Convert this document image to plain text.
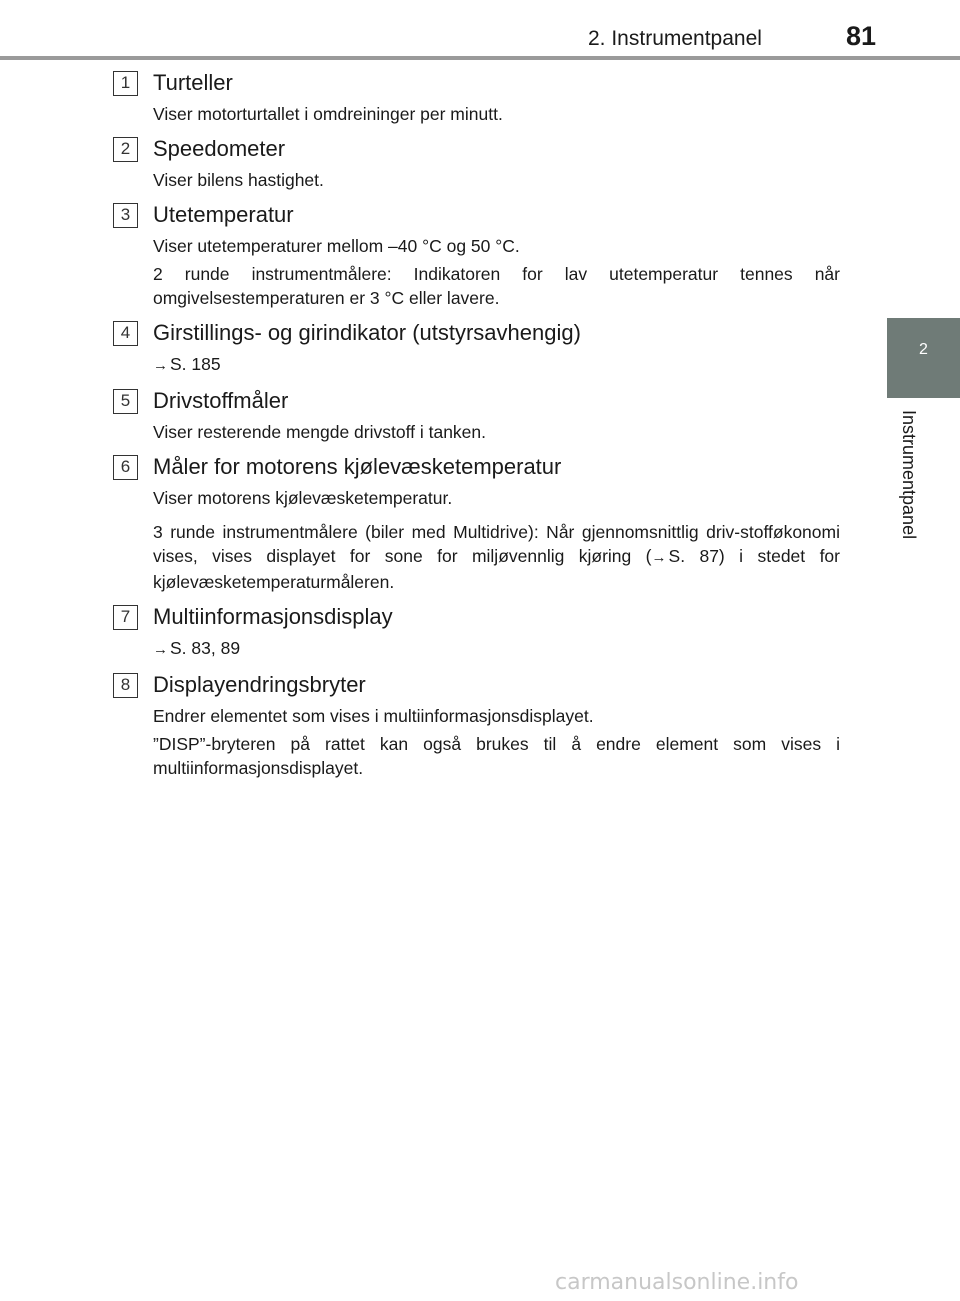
2. Instrumentpanel	81
2
Instrumentpanel
1	Turteller

Viser motorturtallet i omdreininger per minutt.

2	Speedometer

Viser bilens hastighet.

3	Utetemperatur

Viser utetemperaturer mellom –40 °C og 50 °C.

2 runde instrumentmålere: Indikatoren for lav utetemperatur tennes når omgivelsestemperaturen er 3 °C eller lavere.

4	Girstillings- og girindikator (utstyrsavhengig)

→ S. 185

5	Drivstoffmåler

Viser resterende mengde drivstoff i tanken.

6	Måler for motorens kjølevæsketemperatur

Viser motorens kjølevæsketemperatur.

3 runde instrumentmålere (biler med Multidrive): Når gjennomsnittlig driv-stofføkonomi vises, vises displayet for sone for miljøvennlig kjøring (→ S. 87) i stedet for kjølevæsketemperaturmåleren.

7	Multiinformasjonsdisplay

→ S. 83, 89

8	Displayendringsbryter

Endrer elementet som vises i multiinformasjonsdisplayet.

”DISP”-bryteren på rattet kan også brukes til å endre element som vises i multiinformasjonsdisplayet.

carmanualsonline.info
